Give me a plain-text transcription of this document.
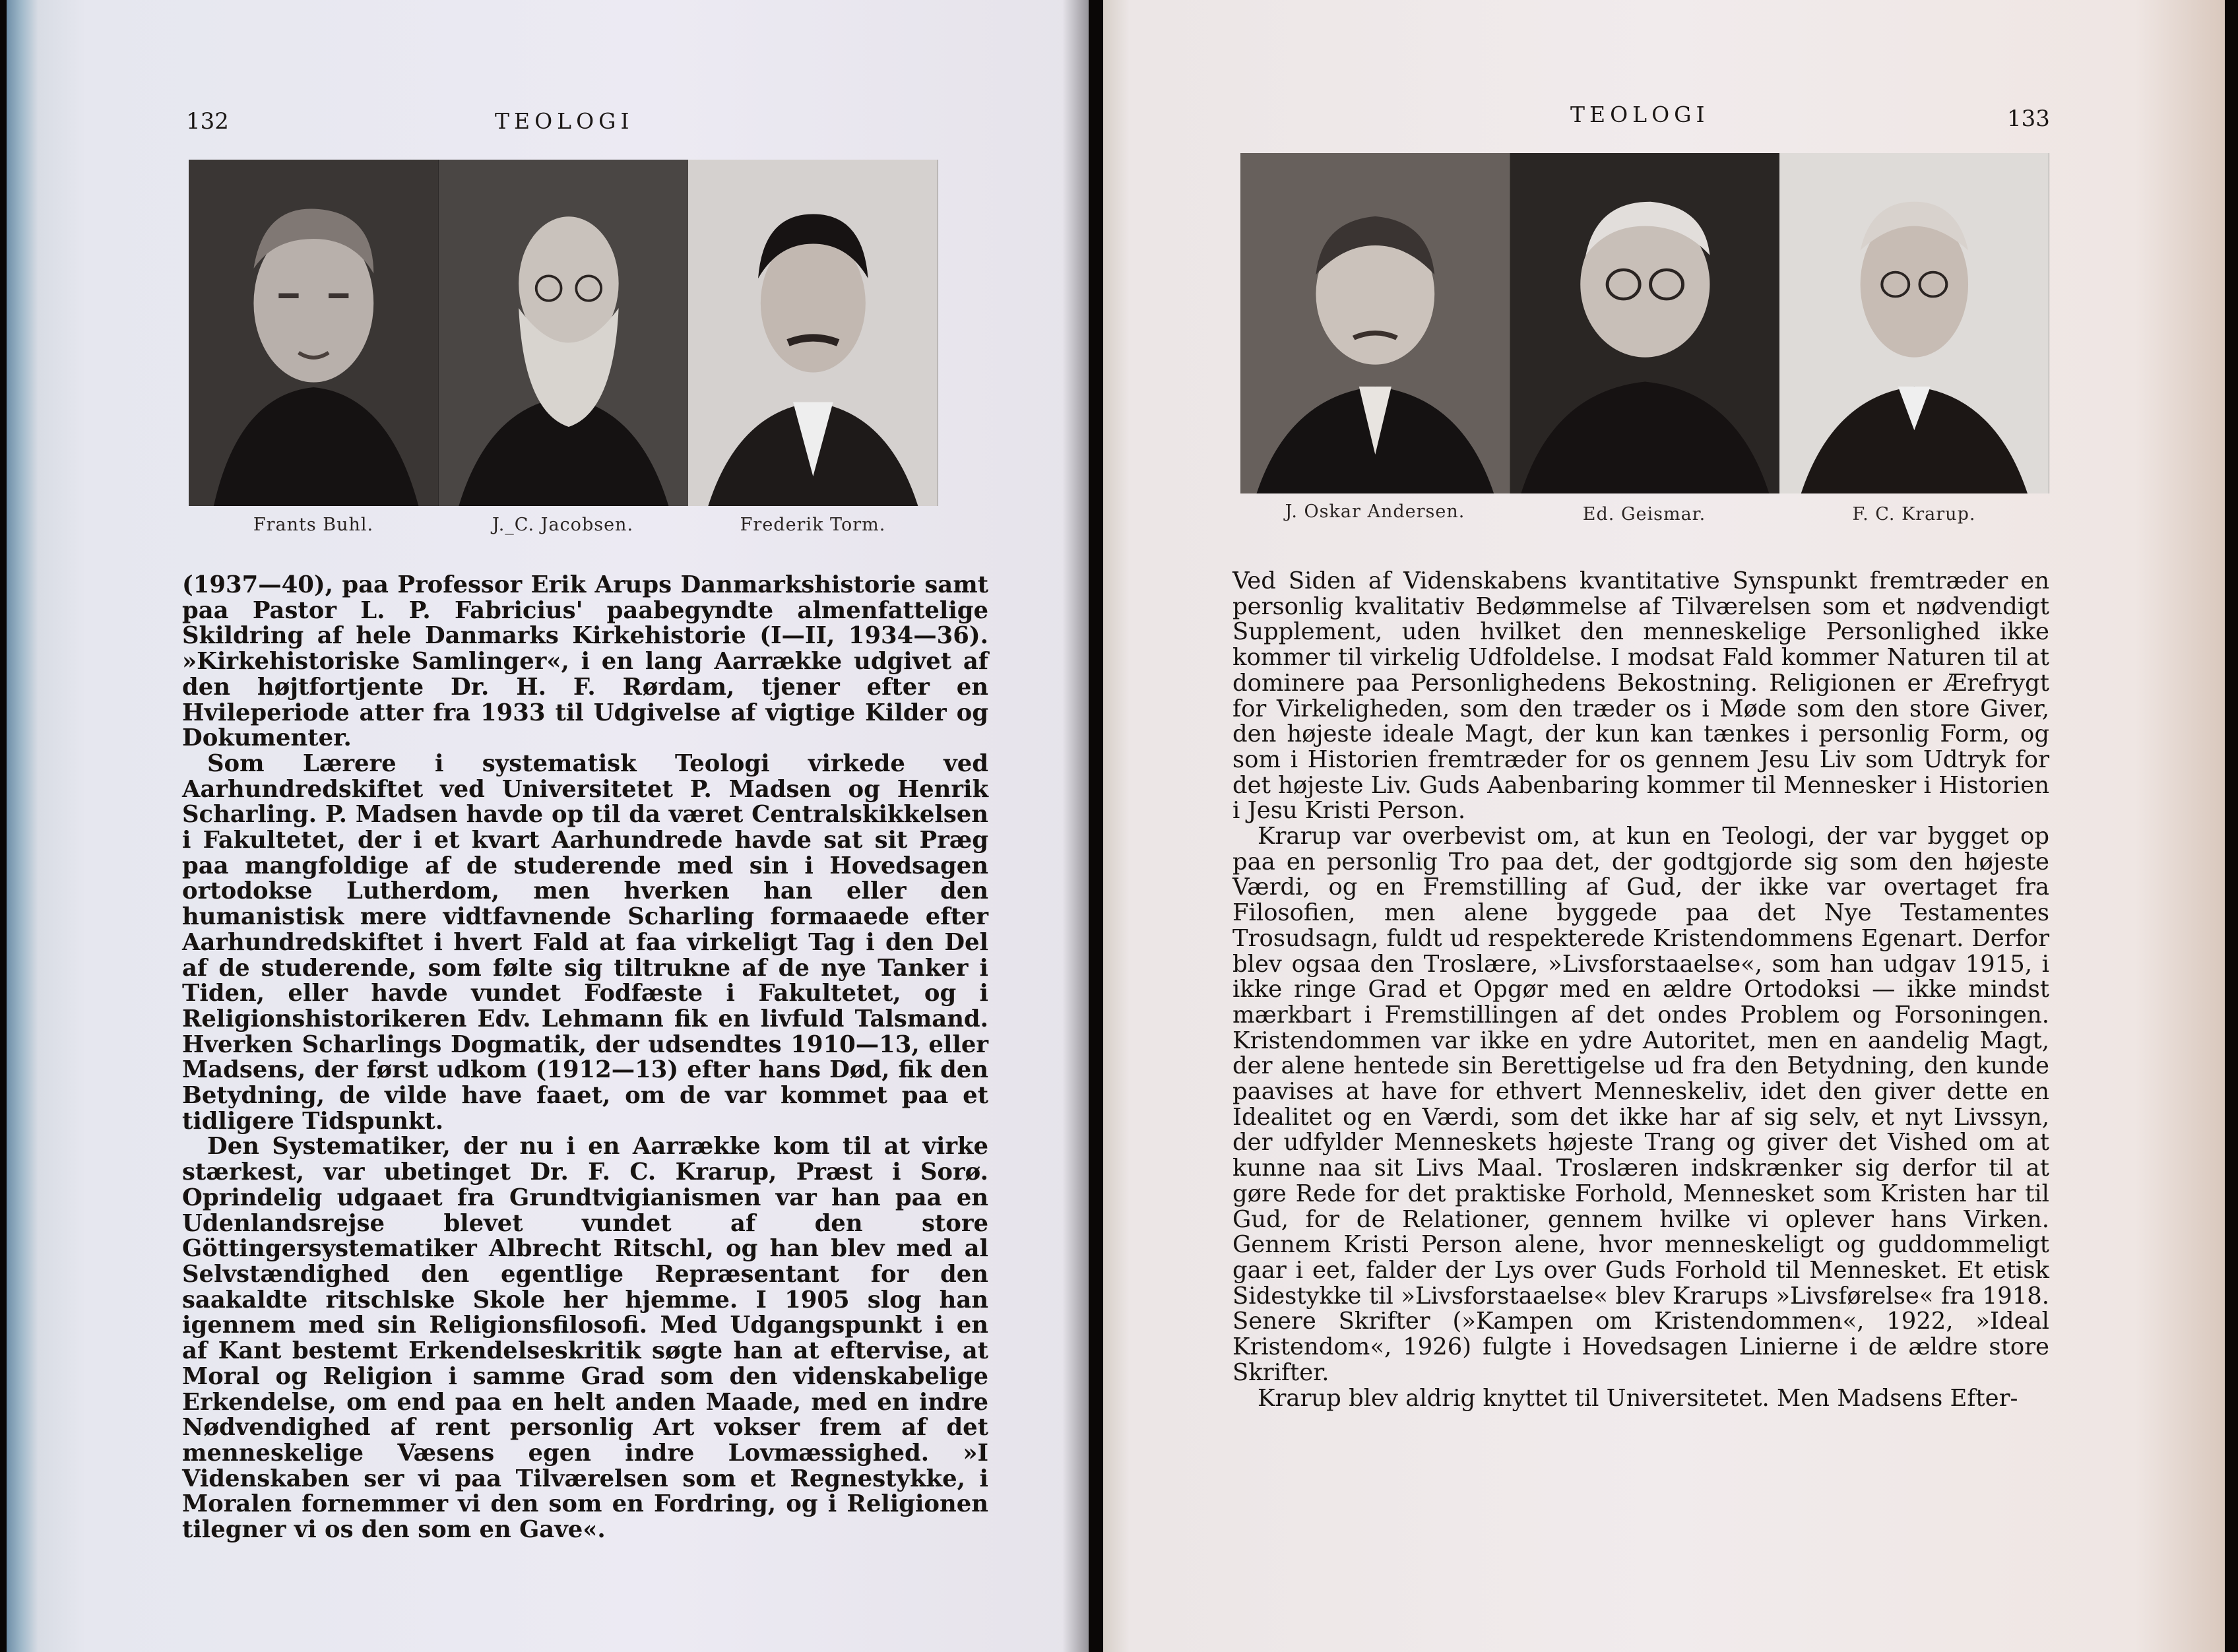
132	TEOLOGI
Frants Buhl.	J._C. Jacobsen.	Frederik Torm.

(1937—40), paa Professor Erik Arups Danmarkshistorie samt paa Pastor L. P. Fabricius' paabegyndte almenfattelige Skildring af hele Danmarks Kirkehistorie (I—II, 1934—36). »Kirkehistoriske Samlinger«, i en lang Aarrække udgivet af den højtfortjente Dr. H. F. Rørdam, tjener efter en Hvileperiode atter fra 1933 til Udgivelse af vigtige Kilder og Dokumenter.

Som Lærere i systematisk Teologi virkede ved Aarhundredskiftet ved Universitetet P. Madsen og Henrik Scharling. P. Madsen havde op til da været Centralskikkelsen i Fakultetet, der i et kvart Aarhundrede havde sat sit Præg paa mangfoldige af de studerende med sin i Hovedsagen ortodokse Lutherdom, men hverken han eller den humanistisk mere vidtfavnende Scharling formaaede efter Aarhundredskiftet i hvert Fald at faa virkeligt Tag i den Del af de studerende, som følte sig tiltrukne af de nye Tanker i Tiden, eller havde vundet Fodfæste i Fakultetet, og i Religionshistorikeren Edv. Lehmann fik en livfuld Talsmand. Hverken Scharlings Dogmatik, der udsendtes 1910—13, eller Madsens, der først udkom (1912—13) efter hans Død, fik den Betydning, de vilde have faaet, om de var kommet paa et tidligere Tidspunkt.

Den Systematiker, der nu i en Aarrække kom til at virke stærkest, var ubetinget Dr. F. C. Krarup, Præst i Sorø. Oprindelig udgaaet fra Grundtvigianismen var han paa en Udenlandsrejse blevet vundet af den store Göttingersystematiker Albrecht Ritschl, og han blev med al Selvstændighed den egentlige Repræsentant for den saakaldte ritschlske Skole her hjemme. I 1905 slog han igennem med sin Religionsfilosofi. Med Udgangspunkt i en af Kant bestemt Erkendelseskritik søgte han at eftervise, at Moral og Religion i samme Grad som den videnskabelige Erkendelse, om end paa en helt anden Maade, med en indre Nødvendighed af rent personlig Art vokser frem af det menneskelige Væsens egen indre Lovmæssighed. »I Videnskaben ser vi paa Tilværelsen som et Regnestykke, i Moralen fornemmer vi den som en Fordring, og i Religionen tilegner vi os den som en Gave«.

TEOLOGI	133
J. Oskar Andersen.	Ed. Geismar.	F. C. Krarup.

Ved Siden af Videnskabens kvantitative Synspunkt fremtræder en personlig kvalitativ Bedømmelse af Tilværelsen som et nødvendigt Supplement, uden hvilket den menneskelige Personlighed ikke kommer til virkelig Udfoldelse. I modsat Fald kommer Naturen til at dominere paa Personlighedens Bekostning. Religionen er Ærefrygt for Virkeligheden, som den træder os i Møde som den store Giver, den højeste ideale Magt, der kun kan tænkes i personlig Form, og som i Historien fremtræder for os gennem Jesu Liv som Udtryk for det højeste Liv. Guds Aabenbaring kommer til Mennesker i Historien i Jesu Kristi Person.

Krarup var overbevist om, at kun en Teologi, der var bygget op paa en personlig Tro paa det, der godtgjorde sig som den højeste Værdi, og en Fremstilling af Gud, der ikke var overtaget fra Filosofien, men alene byggede paa det Nye Testamentes Trosudsagn, fuldt ud respekterede Kristendommens Egenart. Derfor blev ogsaa den Troslære, »Livsforstaaelse«, som han udgav 1915, i ikke ringe Grad et Opgør med en ældre Ortodoksi — ikke mindst mærkbart i Fremstillingen af det ondes Problem og Forsoningen. Kristendommen var ikke en ydre Autoritet, men en aandelig Magt, der alene hentede sin Berettigelse ud fra den Betydning, den kunde paavises at have for ethvert Menneskeliv, idet den giver dette en Idealitet og en Værdi, som det ikke har af sig selv, et nyt Livssyn, der udfylder Menneskets højeste Trang og giver det Vished om at kunne naa sit Livs Maal. Troslæren indskrænker sig derfor til at gøre Rede for det praktiske Forhold, Mennesket som Kristen har til Gud, for de Relationer, gennem hvilke vi oplever hans Virken. Gennem Kristi Person alene, hvor menneskeligt og guddommeligt gaar i eet, falder der Lys over Guds Forhold til Mennesket. Et etisk Sidestykke til »Livsforstaaelse« blev Krarups »Livsførelse« fra 1918. Senere Skrifter (»Kampen om Kristendommen«, 1922, »Ideal Kristendom«, 1926) fulgte i Hovedsagen Linierne i de ældre store Skrifter.

Krarup blev aldrig knyttet til Universitetet. Men Madsens Efter-
